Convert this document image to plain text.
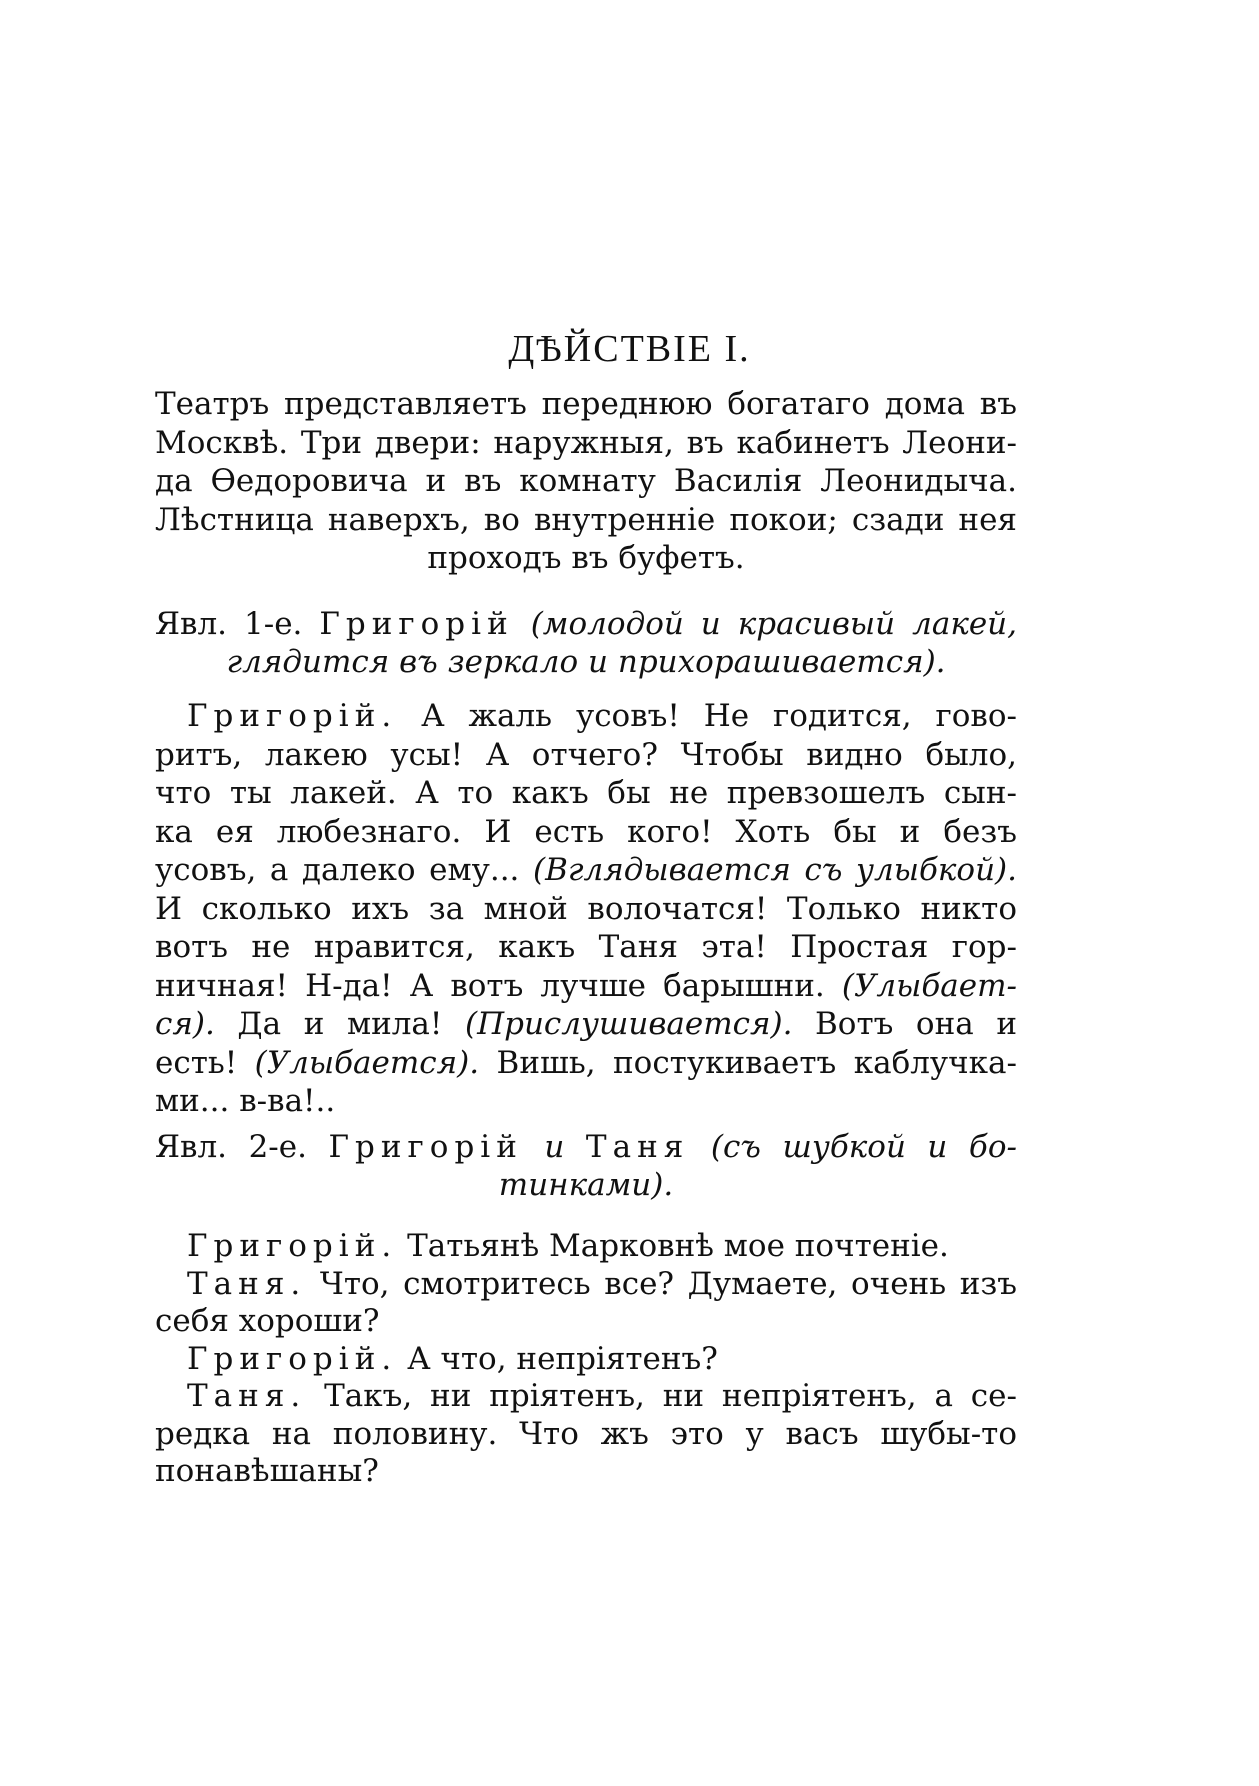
ДѢЙСТВІЕ I.
Театръ представляетъ переднюю богатаго дома въ
Москвѣ. Три двери: наружныя, въ кабинетъ Леони-
да Ѳедоровича и въ комнату Василія Леонидыча.
Лѣстница наверхъ, во внутренніе покои; сзади нея
проходъ въ буфетъ.
Явл. 1-е. Григорій (молодой и красивый лакей,
глядится въ зеркало и прихорашивается).
Григорій. А жаль усовъ! Не годится, гово-
ритъ, лакею усы! А отчего? Чтобы видно было,
что ты лакей. А то какъ бы не превзошелъ сын-
ка ея любезнаго. И есть кого! Хоть бы и безъ
усовъ, а далеко ему... (Вглядывается съ улыбкой).
И сколько ихъ за мной волочатся! Только никто
вотъ не нравится, какъ Таня эта! Простая гор-
ничная! Н-да! А вотъ лучше барышни. (Улыбает-
ся). Да и мила! (Прислушивается). Вотъ она и
есть! (Улыбается). Вишь, постукиваетъ каблучка-
ми... в-ва!..
Явл. 2-е. Григорій и Таня (съ шубкой и бо-
тинками).
Григорій. Татьянѣ Марковнѣ мое почтеніе.
Таня. Что, смотритесь все? Думаете, очень изъ
себя хороши?
Григорій. А что, непріятенъ?
Таня. Такъ, ни пріятенъ, ни непріятенъ, а се-
редка на половину. Что жъ это у васъ шубы-то
понавѣшаны?
